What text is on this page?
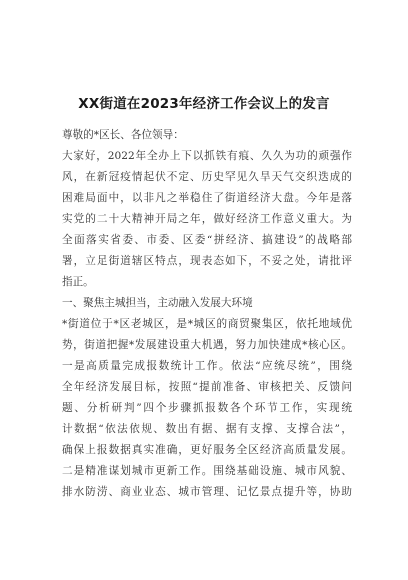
XX街道在2023年经济工作会议上的发言
尊敬的*区长、各位领导：
大家好，2022年全办上下以抓铁有痕、久久为功的顽强作
风，在新冠疫情起伏不定、历史罕见久旱天气交织迭成的
困难局面中，以非凡之举稳住了街道经济大盘。今年是落
实党的二十大精神开局之年，做好经济工作意义重大。为
全面落实省委、市委、区委“拼经济、搞建设”的战略部
署，立足街道辖区特点，现表态如下，不妥之处，请批评
指正。
一、聚焦主城担当，主动融入发展大环境
*街道位于*区老城区，是*城区的商贸聚集区，依托地域优
势，街道把握*发展建设重大机遇，努力加快建成*核心区。
一是高质量完成报数统计工作。依法“应统尽统”，围绕
全年经济发展目标，按照“提前准备、审核把关、反馈问
题、分析研判”四个步骤抓报数各个环节工作，实现统
计数据“依法依规、数出有据、据有支撑、支撑合法”，
确保上报数据真实准确，更好服务全区经济高质量发展。
二是精准谋划城市更新工作。围绕基础设施、城市风貌、
排水防涝、商业业态、城市管理、记忆景点提升等，协助
